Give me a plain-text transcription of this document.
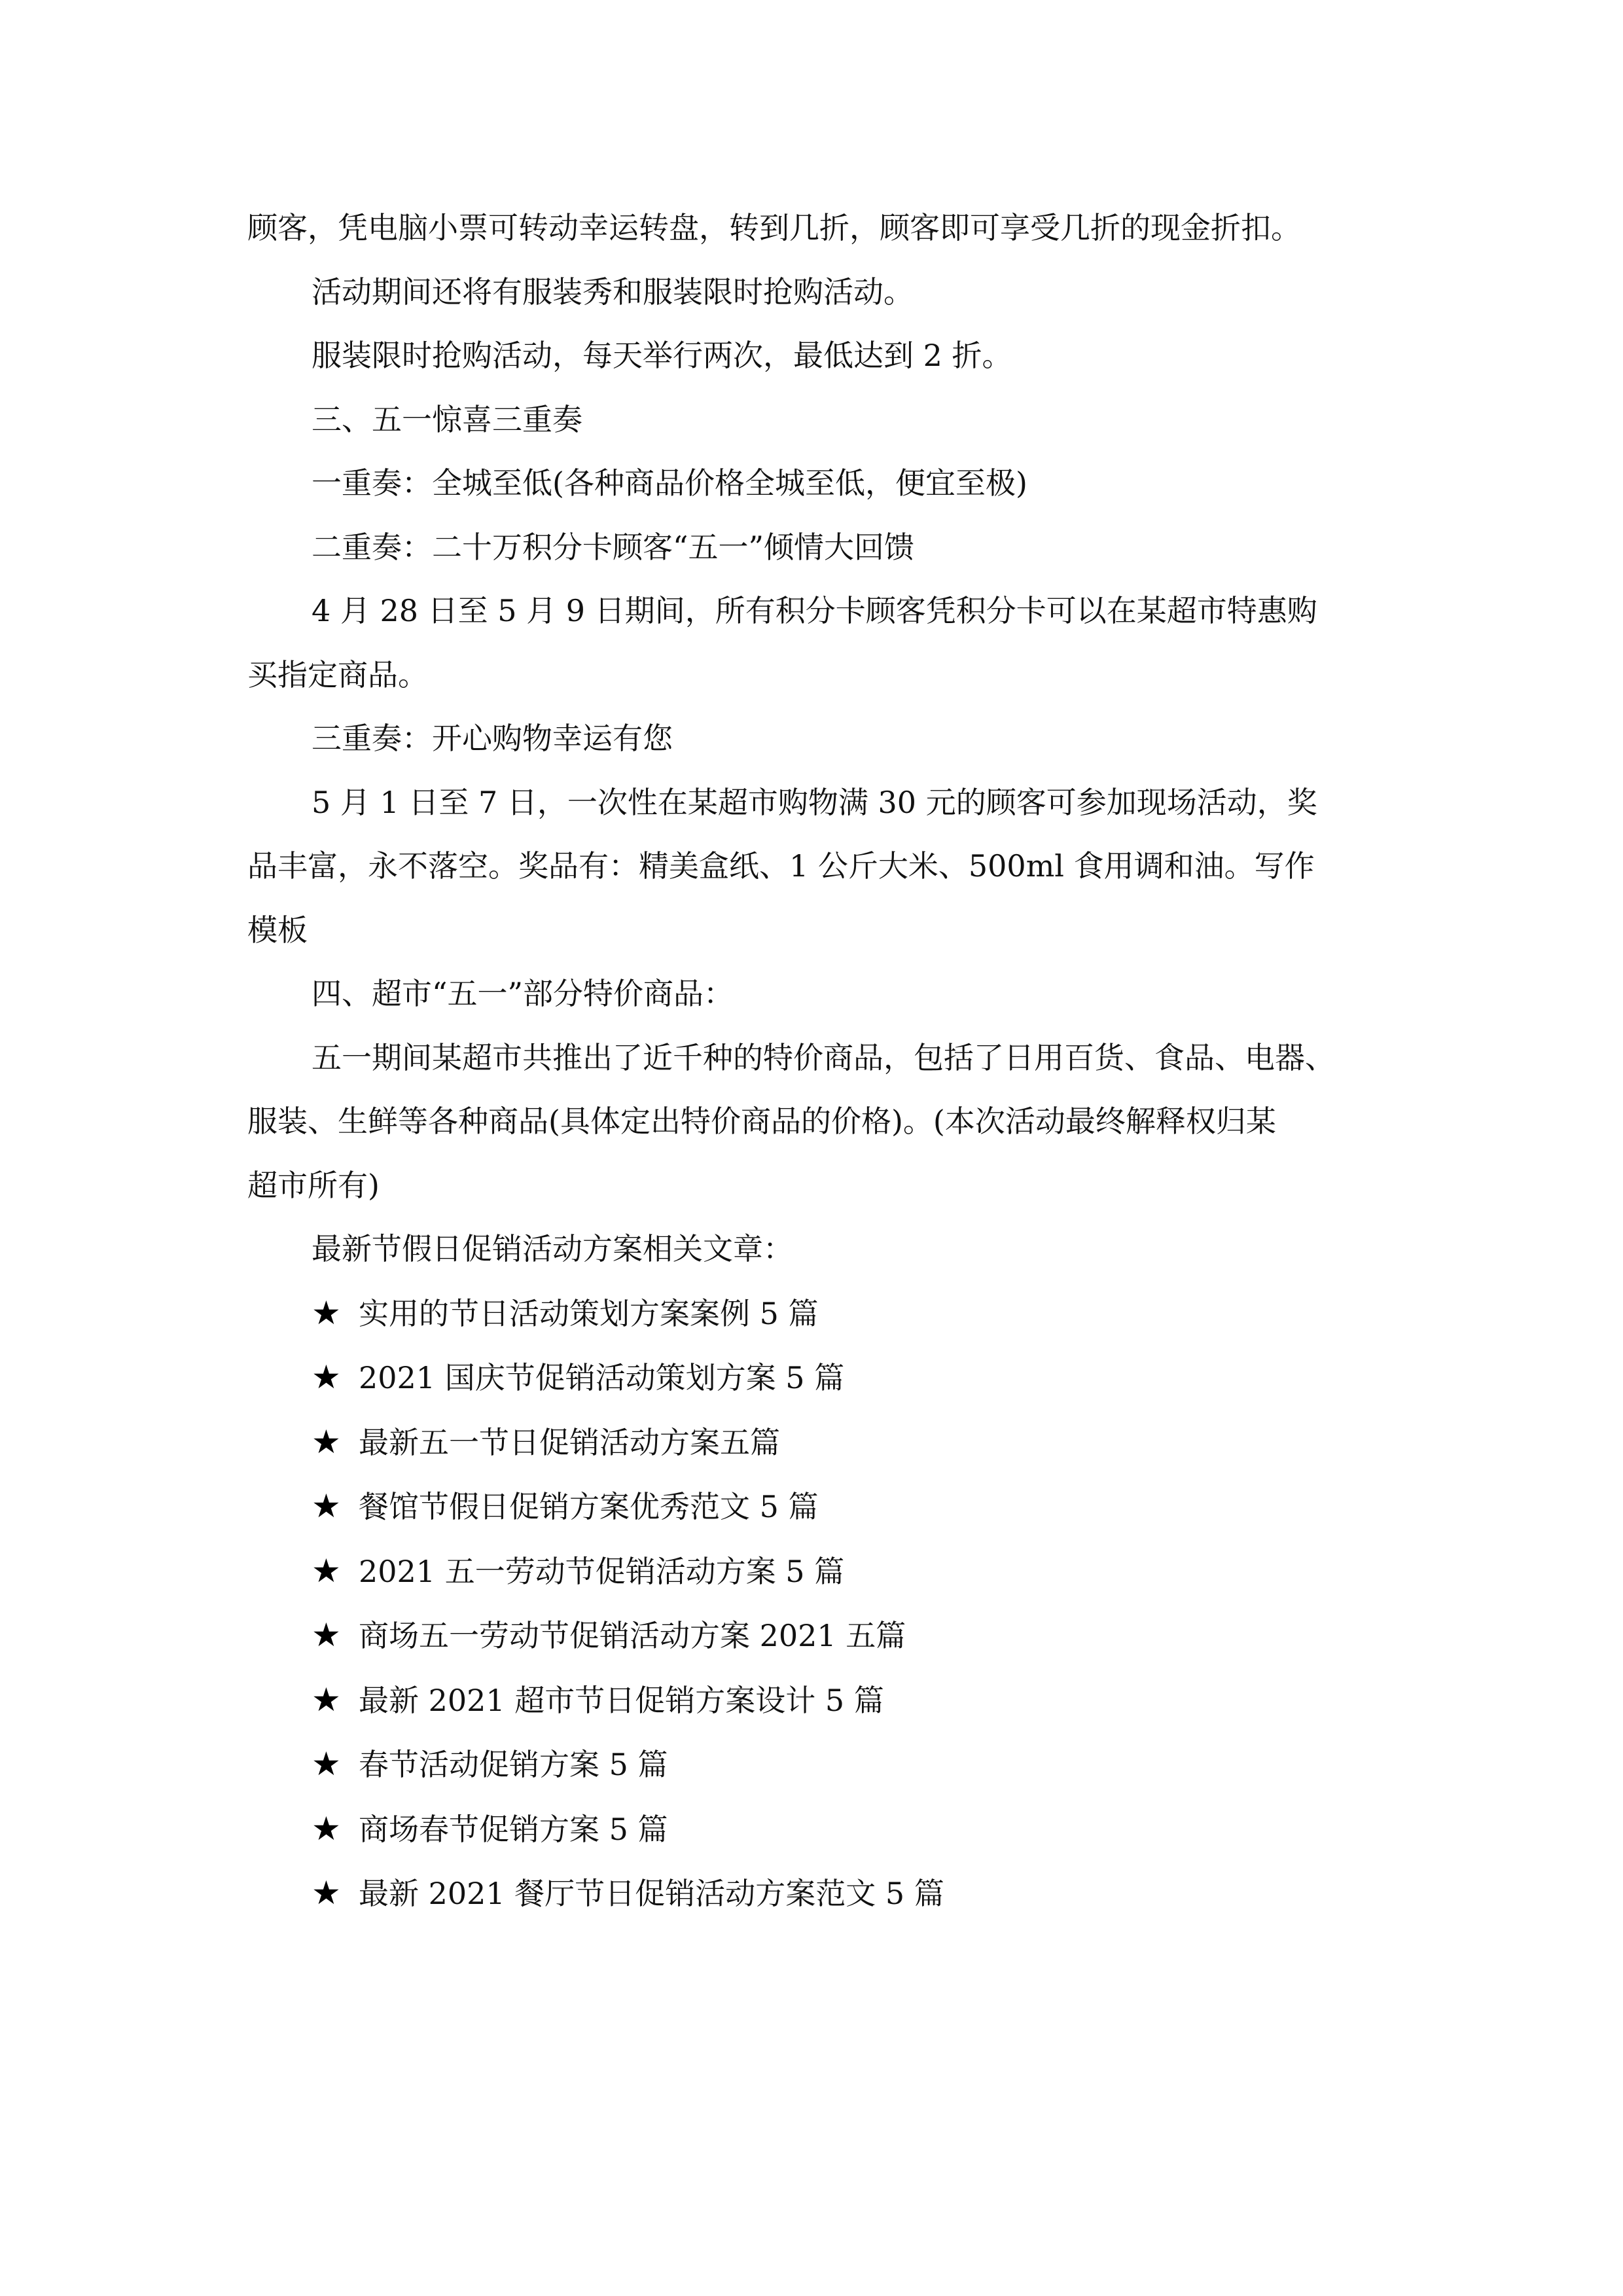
顾客，凭电脑小票可转动幸运转盘，转到几折，顾客即可享受几折的现金折扣。

活动期间还将有服装秀和服装限时抢购活动。

服装限时抢购活动，每天举行两次，最低达到 2 折。

三、五一惊喜三重奏

一重奏：全城至低(各种商品价格全城至低，便宜至极)

二重奏：二十万积分卡顾客“五一”倾情大回馈

4 月 28 日至 5 月 9 日期间，所有积分卡顾客凭积分卡可以在某超市特惠购

买指定商品。

三重奏：开心购物幸运有您

5 月 1 日至 7 日，一次性在某超市购物满 30 元的顾客可参加现场活动，奖

品丰富，永不落空。奖品有：精美盒纸、1 公斤大米、500ml 食用调和油。写作

模板

四、超市“五一”部分特价商品：

五一期间某超市共推出了近千种的特价商品，包括了日用百货、食品、电器、

服装、生鲜等各种商品(具体定出特价商品的价格)。(本次活动最终解释权归某

超市所有)

最新节假日促销活动方案相关文章：

★ 实用的节日活动策划方案案例 5 篇

★ 2021 国庆节促销活动策划方案 5 篇

★ 最新五一节日促销活动方案五篇

★ 餐馆节假日促销方案优秀范文 5 篇

★ 2021 五一劳动节促销活动方案 5 篇

★ 商场五一劳动节促销活动方案 2021 五篇

★ 最新 2021 超市节日促销方案设计 5 篇

★ 春节活动促销方案 5 篇

★ 商场春节促销方案 5 篇

★ 最新 2021 餐厅节日促销活动方案范文 5 篇
